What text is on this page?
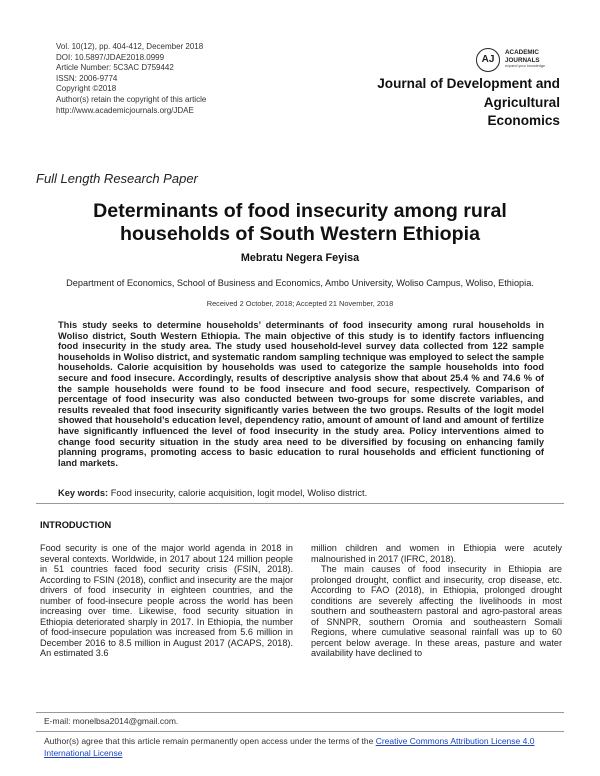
Vol. 10(12), pp. 404-412, December 2018
DOI: 10.5897/JDAE2018.0999
Article Number: 5C3AC D759442
ISSN: 2006-9774
Copyright ©2018
Author(s) retain the copyright of this article
http://www.academicjournals.org/JDAE
AJ
ACADEMIC
JOURNALS
expand your knowledge
Journal of Development and Agricultural
Economics
Full Length Research Paper
Determinants of food insecurity among rural
households of South Western Ethiopia
Mebratu Negera Feyisa
Department of Economics, School of Business and Economics, Ambo University, Woliso Campus, Woliso, Ethiopia.
Received 2 October, 2018; Accepted 21 November, 2018
This study seeks to determine households’ determinants of food insecurity among rural households in Woliso district, South Western Ethiopia. The main objective of this study is to identify factors influencing food insecurity in the study area. The study used household-level survey data collected from 122 sample households in Woliso district, and systematic random sampling technique was employed to select the sample households. Calorie acquisition by households was used to categorize the sample households into food secure and food insecure. Accordingly, results of descriptive analysis show that about 25.4 % and 74.6 % of the sample households were found to be food insecure and food secure, respectively. Comparison of percentage of food insecurity was also conducted between two-groups for some discrete variables, and results revealed that food insecurity significantly varies between the two groups. Results of the logit model showed that household’s education level, dependency ratio, amount of amount of land and amount of fertilize have significantly influenced the level of food insecurity in the study area. Policy interventions aimed to change food security situation in the study area need to be diversified by focusing on enhancing family planning programs, promoting access to basic education to rural households and efficient functioning of land markets.
Key words: Food insecurity, calorie acquisition, logit model, Woliso district.
INTRODUCTION

Food security is one of the major world agenda in 2018 in several contexts. Worldwide, in 2017 about 124 million people in 51 countries faced food security crisis (FSIN, 2018). According to FSIN (2018), conflict and insecurity are the major drivers of food insecurity in eighteen countries, and the number of food-insecure people across the world has been increasing over time. Likewise, food security situation in Ethiopia deteriorated sharply in 2017. In Ethiopia, the number of food-insecure population was increased from 5.6 million in December 2016 to 8.5 million in August 2017 (ACAPS, 2018). An estimated 3.6

million children and women in Ethiopia were acutely malnourished in 2017 (IFRC, 2018).

The main causes of food insecurity in Ethiopia are prolonged drought, conflict and insecurity, crop disease, etc. According to FAO (2018), in Ethiopia, prolonged drought conditions are severely affecting the livelihoods in most southern and southeastern pastoral and agro-pastoral areas of SNNPR, southern Oromia and southeastern Somali Regions, where cumulative seasonal rainfall was up to 60 percent below average. In these areas, pasture and water availability have declined to

E-mail: monelbsa2014@gmail.com.
Author(s) agree that this article remain permanently open access under the terms of the Creative Commons Attribution License 4.0 International License
